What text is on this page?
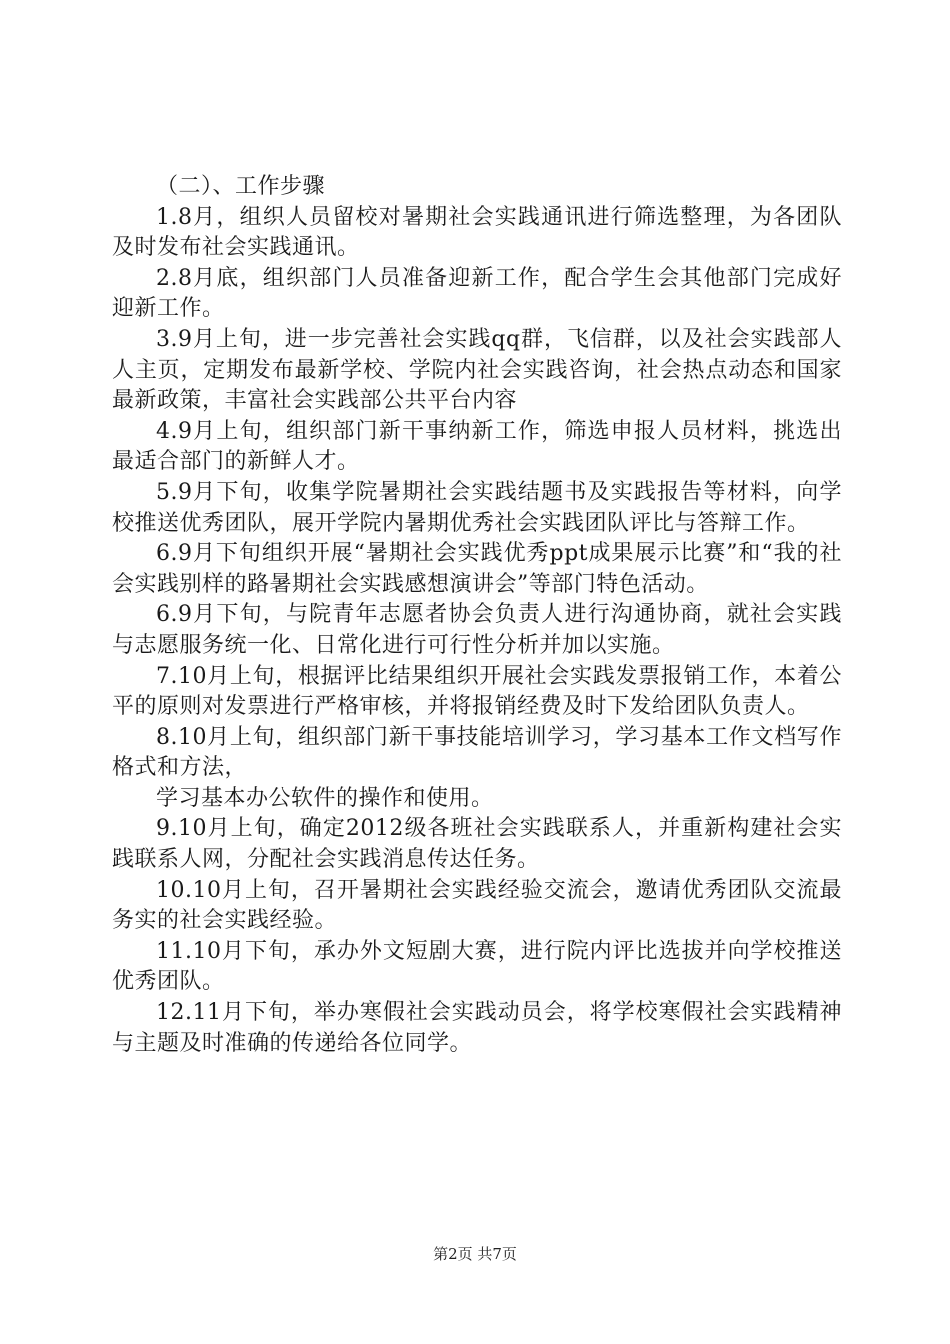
（二）、工作步骤

1.8月，组织人员留校对暑期社会实践通讯进行筛选整理，为各团队及时发布社会实践通讯。

2.8月底，组织部门人员准备迎新工作，配合学生会其他部门完成好迎新工作。

3.9月上旬，进一步完善社会实践qq群，飞信群，以及社会实践部人人主页，定期发布最新学校、学院内社会实践咨询，社会热点动态和国家最新政策，丰富社会实践部公共平台内容

4.9月上旬，组织部门新干事纳新工作，筛选申报人员材料，挑选出最适合部门的新鲜人才。

5.9月下旬，收集学院暑期社会实践结题书及实践报告等材料，向学校推送优秀团队，展开学院内暑期优秀社会实践团队评比与答辩工作。

6.9月下旬组织开展“暑期社会实践优秀ppt成果展示比赛”和“我的社会实践别样的路暑期社会实践感想演讲会”等部门特色活动。

6.9月下旬，与院青年志愿者协会负责人进行沟通协商，就社会实践与志愿服务统一化、日常化进行可行性分析并加以实施。

7.10月上旬，根据评比结果组织开展社会实践发票报销工作，本着公平的原则对发票进行严格审核，并将报销经费及时下发给团队负责人。

8.10月上旬，组织部门新干事技能培训学习，学习基本工作文档写作格式和方法，

学习基本办公软件的操作和使用。

9.10月上旬，确定2012级各班社会实践联系人，并重新构建社会实践联系人网，分配社会实践消息传达任务。

10.10月上旬，召开暑期社会实践经验交流会，邀请优秀团队交流最务实的社会实践经验。

11.10月下旬，承办外文短剧大赛，进行院内评比选拔并向学校推送优秀团队。

12.11月下旬，举办寒假社会实践动员会，将学校寒假社会实践精神与主题及时准确的传递给各位同学。

第2页 共7页
